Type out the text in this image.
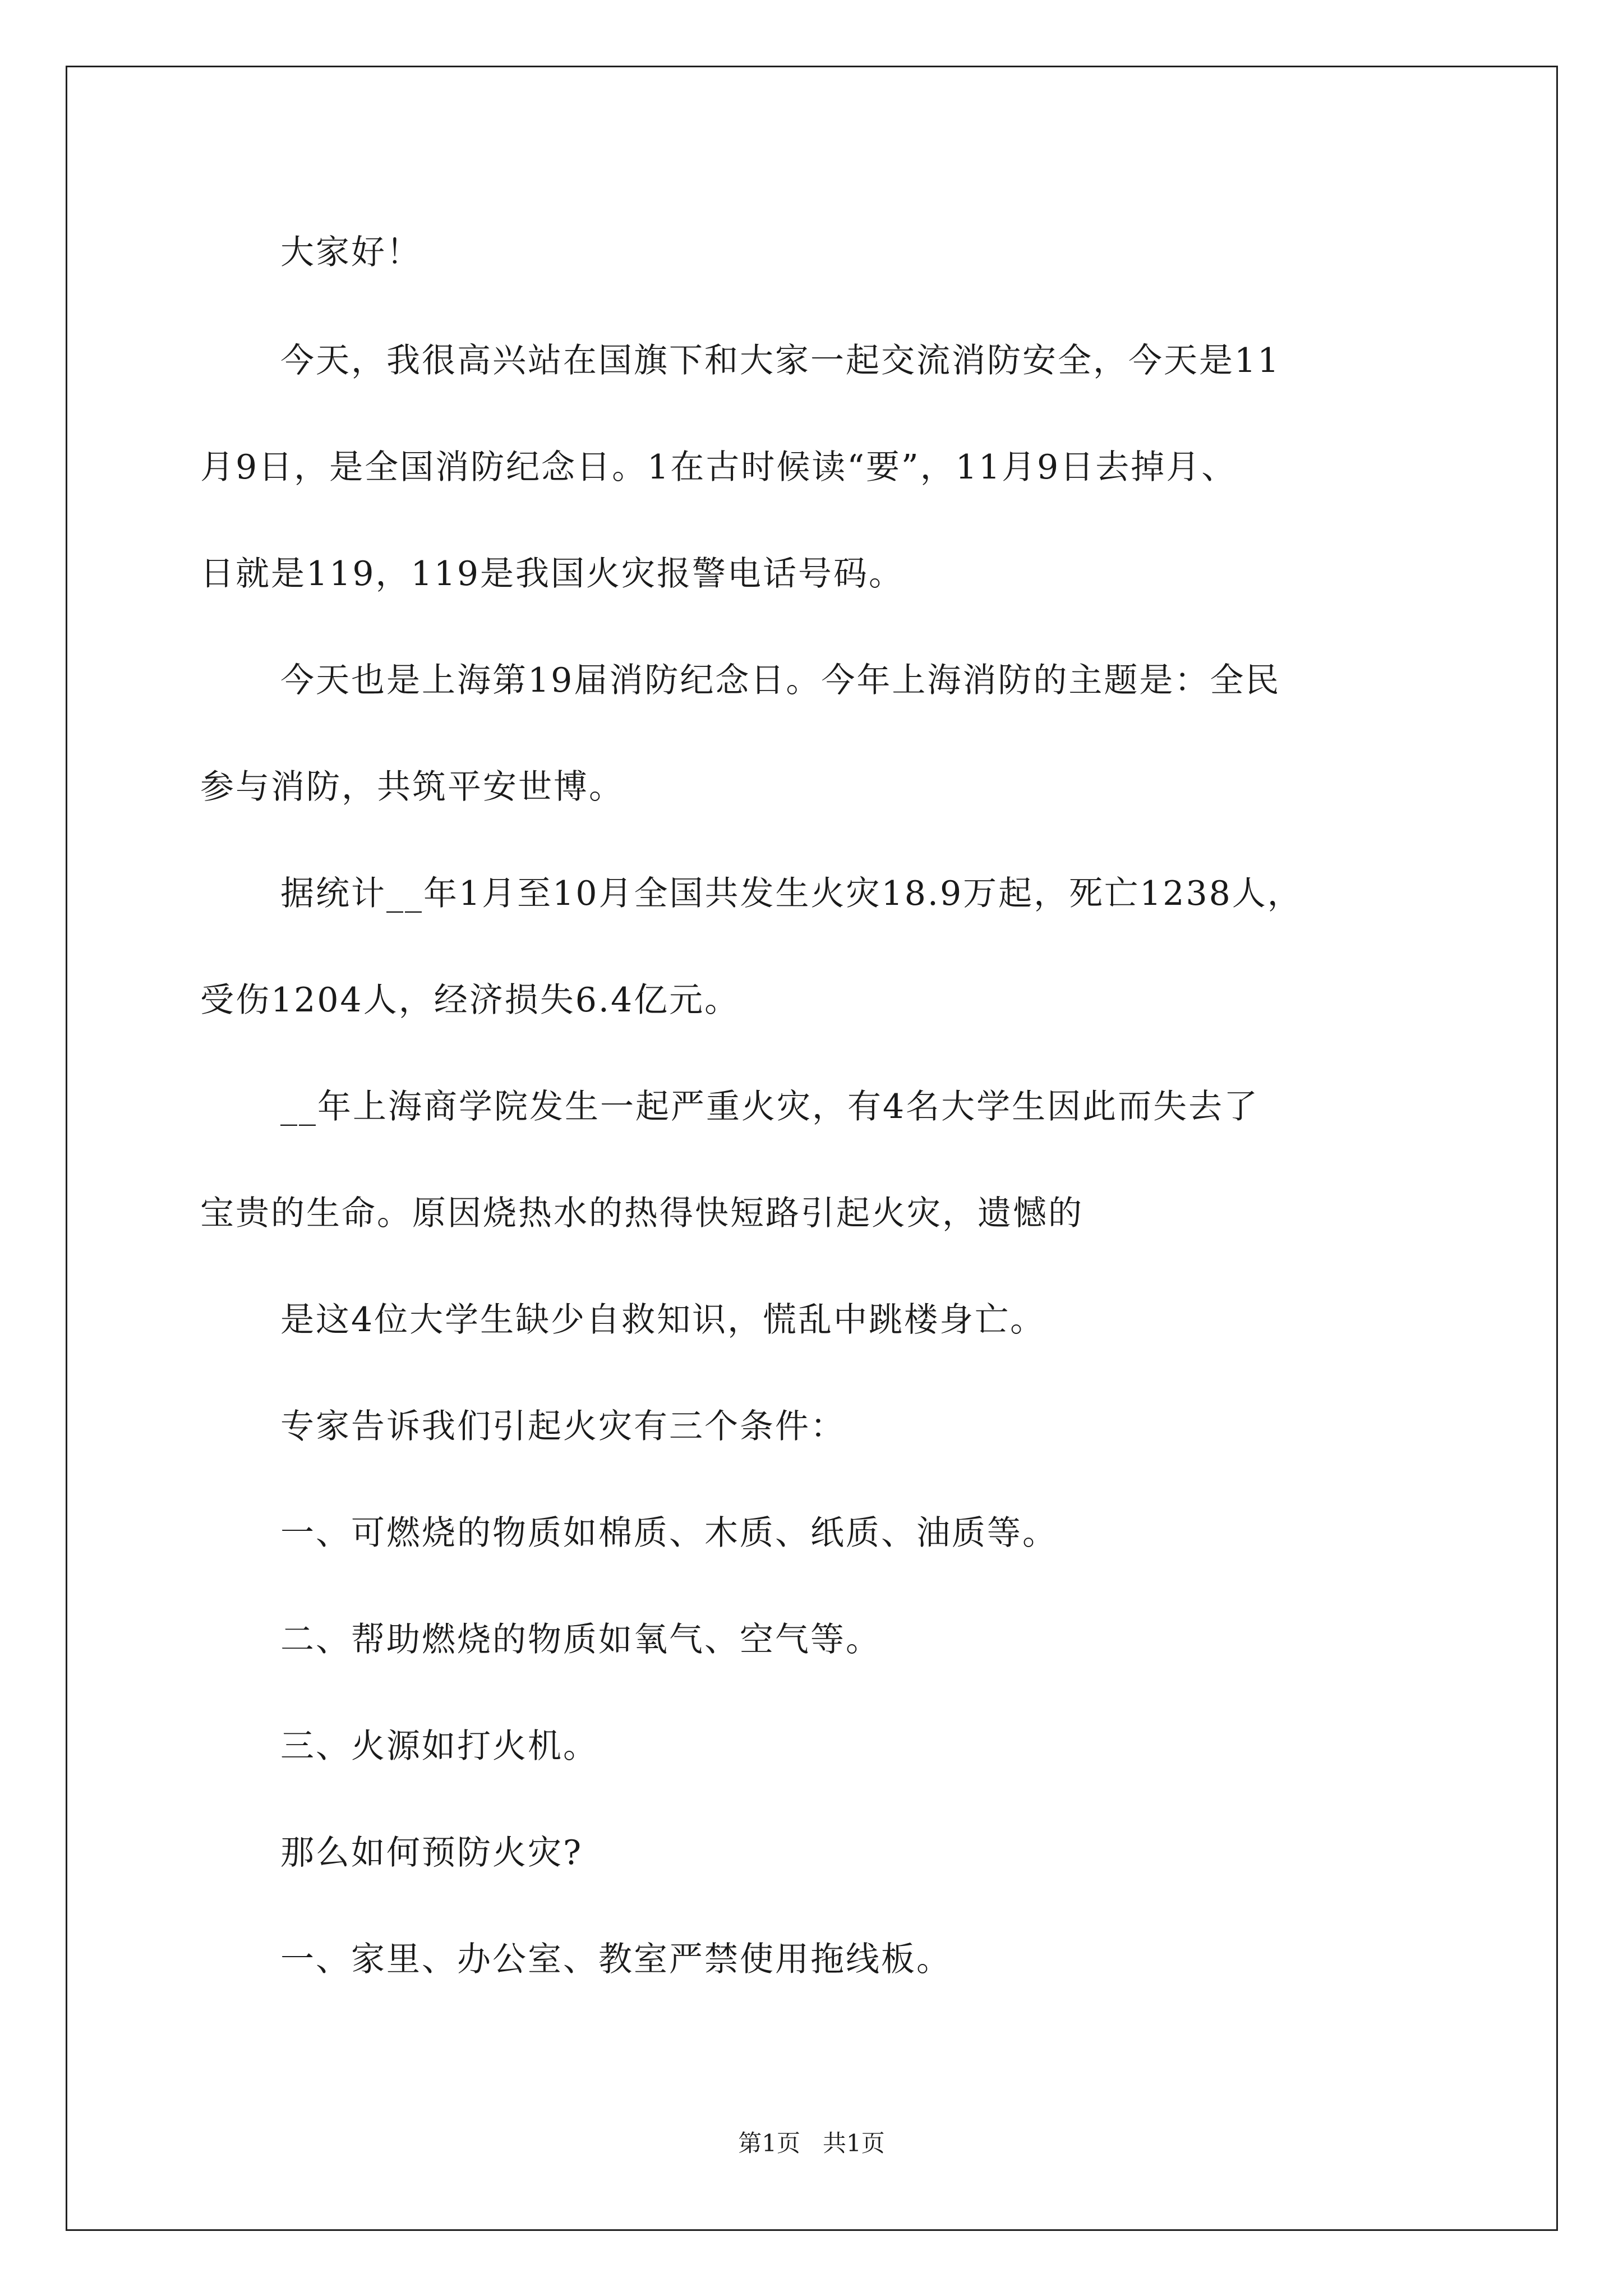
大家好！
今天，我很高兴站在国旗下和大家一起交流消防安全，今天是11
月9日，是全国消防纪念日。1在古时候读“要”，11月9日去掉月、
日就是119，119是我国火灾报警电话号码。
今天也是上海第19届消防纪念日。今年上海消防的主题是：全民
参与消防，共筑平安世博。
据统计__年1月至10月全国共发生火灾18.9万起，死亡1238人，
受伤1204人，经济损失6.4亿元。
__年上海商学院发生一起严重火灾，有4名大学生因此而失去了
宝贵的生命。原因烧热水的热得快短路引起火灾，遗憾的
是这4位大学生缺少自救知识，慌乱中跳楼身亡。
专家告诉我们引起火灾有三个条件：
一、可燃烧的物质如棉质、木质、纸质、油质等。
二、帮助燃烧的物质如氧气、空气等。
三、火源如打火机。
那么如何预防火灾?
一、家里、办公室、教室严禁使用拖线板。
第1页   共1页
